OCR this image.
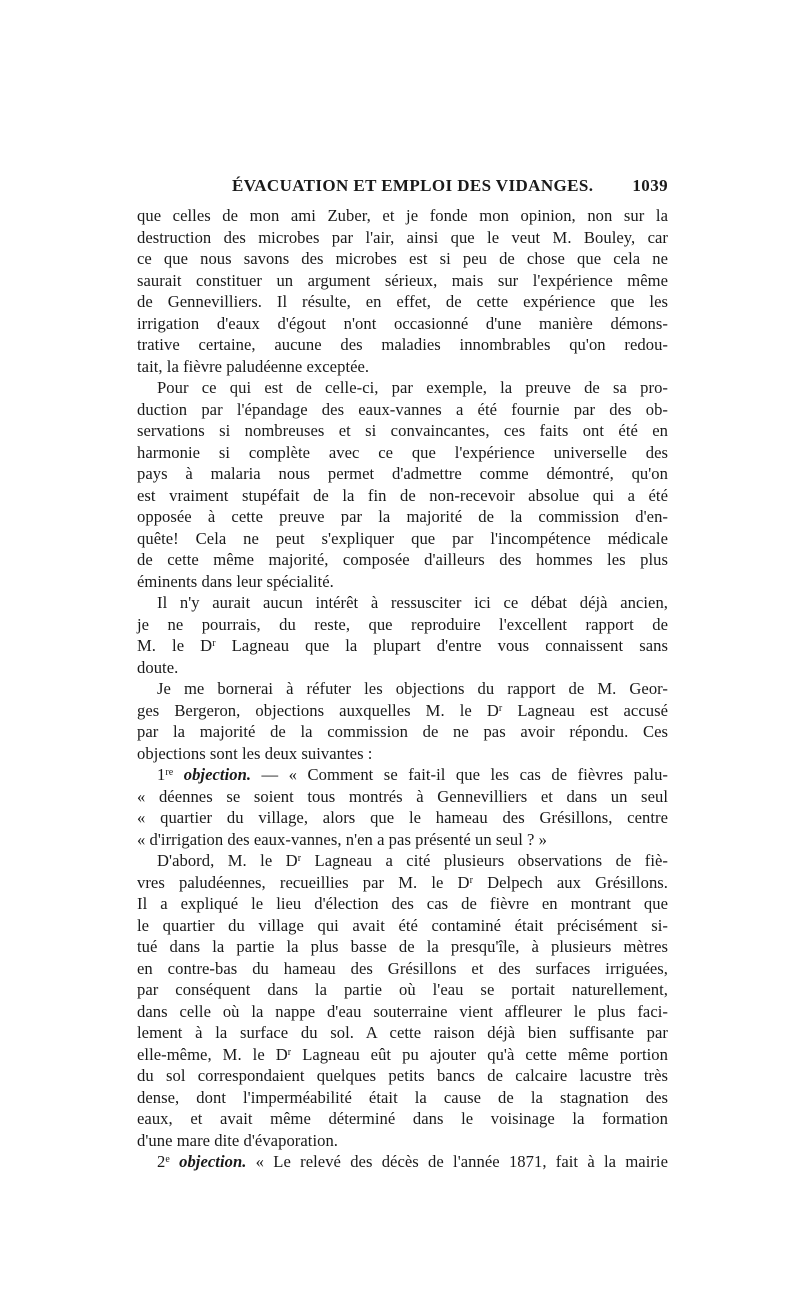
ÉVACUATION ET EMPLOI DES VIDANGES. 1039
que celles de mon ami Zuber, et je fonde mon opinion, non sur la
destruction des microbes par l'air, ainsi que le veut M. Bouley, car
ce que nous savons des microbes est si peu de chose que cela ne
saurait constituer un argument sérieux, mais sur l'expérience même
de Gennevilliers. Il résulte, en effet, de cette expérience que les
irrigation d'eaux d'égout n'ont occasionné d'une manière démons-
trative certaine, aucune des maladies innombrables qu'on redou-
tait, la fièvre paludéenne exceptée.
Pour ce qui est de celle-ci, par exemple, la preuve de sa pro-
duction par l'épandage des eaux-vannes a été fournie par des ob-
servations si nombreuses et si convaincantes, ces faits ont été en
harmonie si complète avec ce que l'expérience universelle des
pays à malaria nous permet d'admettre comme démontré, qu'on
est vraiment stupéfait de la fin de non-recevoir absolue qui a été
opposée à cette preuve par la majorité de la commission d'en-
quête! Cela ne peut s'expliquer que par l'incompétence médicale
de cette même majorité, composée d'ailleurs des hommes les plus
éminents dans leur spécialité.
Il n'y aurait aucun intérêt à ressusciter ici ce débat déjà ancien,
je ne pourrais, du reste, que reproduire l'excellent rapport de
M. le $D^r$ Lagneau que la plupart d'entre vous connaissent sans
doute.
Je me bornerai à réfuter les objections du rapport de M. Geor-
ges Bergeron, objections auxquelles M. le $D^r$ Lagneau est accusé
par la majorité de la commission de ne pas avoir répondu. Ces
objections sont les deux suivantes :
1re objection. — « Comment se fait-il que les cas de fièvres palu-
« déennes se soient tous montrés à Gennevilliers et dans un seul
« quartier du village, alors que le hameau des Grésillons, centre
« d'irrigation des eaux-vannes, n'en a pas présenté un seul ? »
D'abord, M. le $D^r$ Lagneau a cité plusieurs observations de fiè-
vres paludéennes, recueillies par M. le $D^r$ Delpech aux Grésillons.
Il a expliqué le lieu d'élection des cas de fièvre en montrant que
le quartier du village qui avait été contaminé était précisément si-
tué dans la partie la plus basse de la presqu'île, à plusieurs mètres
en contre-bas du hameau des Grésillons et des surfaces irriguées,
par conséquent dans la partie où l'eau se portait naturellement,
dans celle où la nappe d'eau souterraine vient affleurer le plus faci-
lement à la surface du sol. A cette raison déjà bien suffisante par
elle-même, M. le $D^r$ Lagneau eût pu ajouter qu'à cette même portion
du sol correspondaient quelques petits bancs de calcaire lacustre très
dense, dont l'imperméabilité était la cause de la stagnation des
eaux, et avait même déterminé dans le voisinage la formation
d'une mare dite d'évaporation.
2e objection. « Le relevé des décès de l'année 1871, fait à la mairie
